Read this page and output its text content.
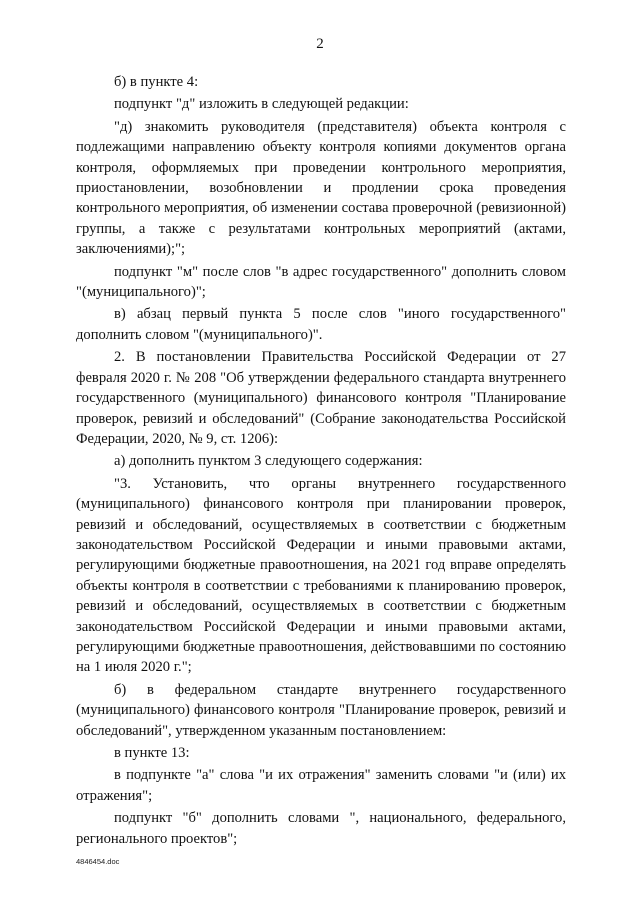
2

б) в пункте 4:

подпункт "д" изложить в следующей редакции:

"д) знакомить руководителя (представителя) объекта контроля с подлежащими направлению объекту контроля копиями документов органа контроля, оформляемых при проведении контрольного мероприятия, приостановлении, возобновлении и продлении срока проведения контрольного мероприятия, об изменении состава проверочной (ревизионной) группы, а также с результатами контрольных мероприятий (актами, заключениями);";

подпункт "м" после слов "в адрес государственного" дополнить словом "(муниципального)";

в) абзац первый пункта 5 после слов "иного государственного" дополнить словом "(муниципального)".

2. В постановлении Правительства Российской Федерации от 27 февраля 2020 г. № 208 "Об утверждении федерального стандарта внутреннего государственного (муниципального) финансового контроля "Планирование проверок, ревизий и обследований" (Собрание законодательства Российской Федерации, 2020, № 9, ст. 1206):

а) дополнить пунктом 3 следующего содержания:

"3. Установить, что органы внутреннего государственного (муниципального) финансового контроля при планировании проверок, ревизий и обследований, осуществляемых в соответствии с бюджетным законодательством Российской Федерации и иными правовыми актами, регулирующими бюджетные правоотношения, на 2021 год вправе определять объекты контроля в соответствии с требованиями к планированию проверок, ревизий и обследований, осуществляемых в соответствии с бюджетным законодательством Российской Федерации и иными правовыми актами, регулирующими бюджетные правоотношения, действовавшими по состоянию на 1 июля 2020 г.";

б) в федеральном стандарте внутреннего государственного (муниципального) финансового контроля "Планирование проверок, ревизий и обследований", утвержденном указанным постановлением:

в пункте 13:

в подпункте "а" слова "и их отражения" заменить словами "и (или) их отражения";

подпункт "б" дополнить словами ", национального, федерального, регионального проектов";

4846454.doc
